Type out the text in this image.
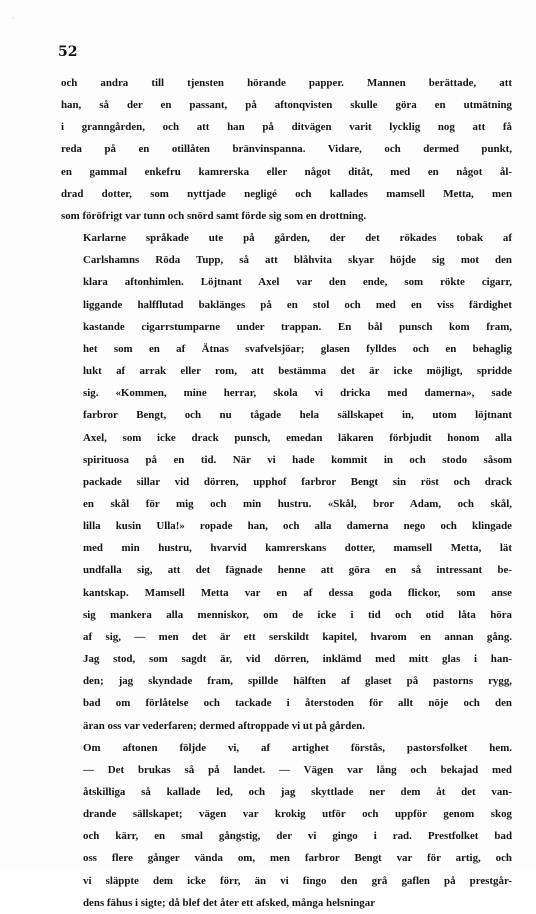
·

52

och andra till tjensten hörande papper. Mannen berättade, att
han, så der en passant, på aftonqvisten skulle göra en utmätning
i granngården, och att han på ditvägen varit lycklig nog att få
reda på en otillåten bränvinspanna. Vidare, och dermed punkt,
en gammal enkefru kamrerska eller något ditåt, med en något ål-
drad dotter, som nyttjade negligé och kallades mamsell Metta, men
som föröfrigt var tunn och snörd samt förde sig som en drottning.

Karlarne språkade ute på gården, der det rökades tobak af
Carlshamns Röda Tupp, så att blåhvita skyar höjde sig mot den
klara aftonhimlen. Löjtnant Axel var den ende, som rökte cigarr,
liggande halfflutad baklänges på en stol och med en viss färdighet
kastande cigarrstumparne under trappan. En bål punsch kom fram,
het som en af Ätnas svafvelsjöar; glasen fylldes och en behaglig
lukt af arrak eller rom, att bestämma det är icke möjligt, spridde
sig. «Kommen, mine herrar, skola vi dricka med damerna», sade
farbror Bengt, och nu tågade hela sällskapet in, utom löjtnant
Axel, som icke drack punsch, emedan läkaren förbjudit honom alla
spirituosa på en tid. När vi hade kommit in och stodo såsom
packade sillar vid dörren, upphof farbror Bengt sin röst och drack
en skål för mig och min hustru. «Skål, bror Adam, och skål,
lilla kusin Ulla!» ropade han, och alla damerna nego och klingade
med min hustru, hvarvid kamrerskans dotter, mamsell Metta, lät
undfalla sig, att det fägnade henne att göra en så intressant be-
kantskap. Mamsell Metta var en af dessa goda flickor, som anse
sig mankera alla menniskor, om de icke i tid och otid låta höra
af sig, — men det är ett serskildt kapitel, hvarom en annan gång.
Jag stod, som sagdt är, vid dörren, inklämd med mitt glas i han-
den; jag skyndade fram, spillde hälften af glaset på pastorns rygg,
bad om förlåtelse och tackade i återstoden för allt nöje och den
äran oss var vederfaren; dermed aftroppade vi ut på gården.

Om aftonen följde vi, af artighet förstås, pastorsfolket hem.
— Det brukas så på landet. — Vägen var lång och bekajad med
åtskilliga så kallade led, och jag skyttlade ner dem åt det van-
drande sällskapet; vägen var krokig utför och uppför genom skog
och kärr, en smal gångstig, der vi gingo i rad. Prestfolket bad
oss flere gånger vända om, men farbror Bengt var för artig, och
vi släppte dem icke förr, än vi fingo den grå gaflen på prestgår-
dens fähus i sigte; då blef det åter ett afsked, många helsningar
